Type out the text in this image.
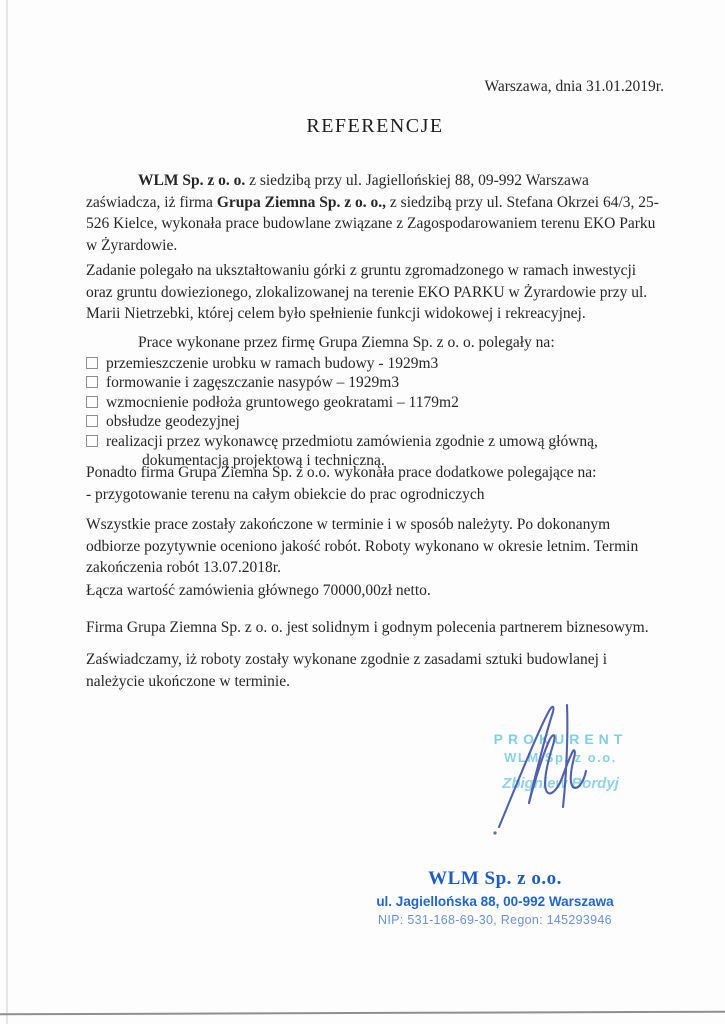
Warszawa, dnia 31.01.2019r.
REFERENCJE

WLM Sp. z o. o. z siedzibą przy ul. Jagiellońskiej 88, 09-992 Warszawa zaświadcza, iż firma Grupa Ziemna Sp. z o. o., z siedzibą przy ul. Stefana Okrzei 64/3, 25-526 Kielce, wykonała prace budowlane związane z Zagospodarowaniem terenu EKO Parku w Żyrardowie.

Zadanie polegało na ukształtowaniu górki z gruntu zgromadzonego w ramach inwestycji oraz gruntu dowiezionego, zlokalizowanej na terenie EKO PARKU w Żyrardowie przy ul. Marii Nietrzebki, której celem było spełnienie funkcji widokowej i rekreacyjnej.

Prace wykonane przez firmę Grupa Ziemna Sp. z o. o. polegały na:

przemieszczenie urobku w ramach budowy - 1929m3
formowanie i zagęszczanie nasypów – 1929m3
wzmocnienie podłoża gruntowego geokratami – 1179m2
obsłudze geodezyjnej
realizacji przez wykonawcę przedmiotu zamówienia zgodnie z umową główną,
dokumentacją projektową i techniczną.

Ponadto firma Grupa Ziemna Sp. z o.o. wykonała prace dodatkowe polegające na:

- przygotowanie terenu na całym obiekcie do prac ogrodniczych

Wszystkie prace zostały zakończone w terminie i w sposób należyty. Po dokonanym odbiorze pozytywnie oceniono jakość robót. Roboty wykonano w okresie letnim. Termin zakończenia robót 13.07.2018r.

Łącza wartość zamówienia głównego 70000,00zł netto.

Firma Grupa Ziemna Sp. z o. o. jest solidnym i godnym polecenia partnerem biznesowym.

Zaświadczamy, iż roboty zostały wykonane zgodnie z zasadami sztuki budowlanej i należycie ukończone w terminie.

PROKURENT
WLM Sp. z o.o.
Zbigniew Bordyj
WLM Sp. z o.o.
ul. Jagiellońska 88, 00-992 Warszawa
NIP: 531-168-69-30, Regon: 145293946
